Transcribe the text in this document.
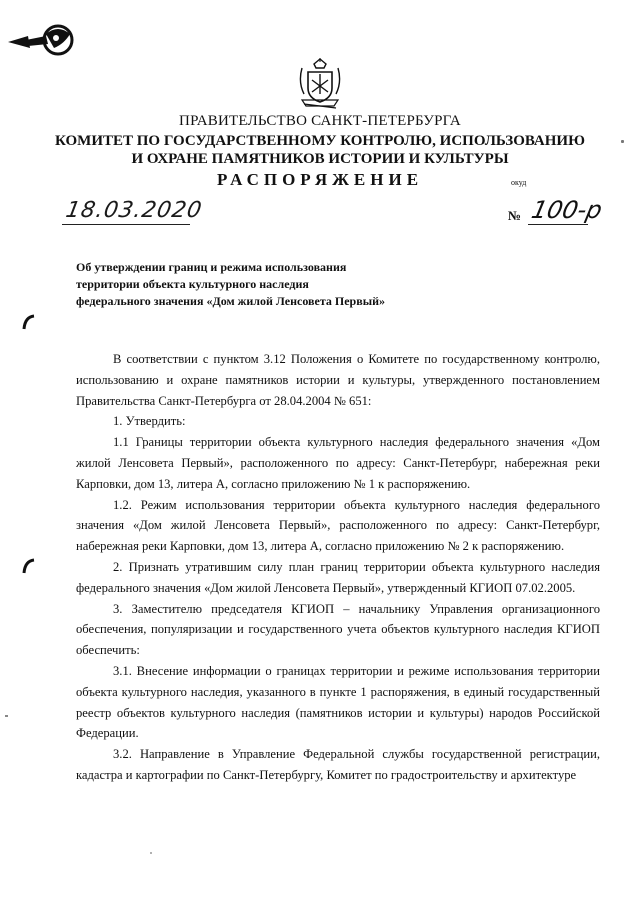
ПРАВИТЕЛЬСТВО САНКТ-ПЕТЕРБУРГА
КОМИТЕТ ПО ГОСУДАРСТВЕННОМУ КОНТРОЛЮ, ИСПОЛЬЗОВАНИЮ
И ОХРАНЕ ПАМЯТНИКОВ ИСТОРИИ И КУЛЬТУРЫ
РАСПОРЯЖЕНИЕ	окуд
18.03.2020	№ 100-р
Об утверждении границ и режима использования
территории объекта культурного наследия
федерального значения «Дом жилой Ленсовета Первый»

В соответствии с пунктом 3.12 Положения о Комитете по государственному контролю, использованию и охране памятников истории и культуры, утвержденного постановлением Правительства Санкт-Петербурга от 28.04.2004 № 651:

1. Утвердить:

1.1 Границы территории объекта культурного наследия федерального значения «Дом жилой Ленсовета Первый», расположенного по адресу: Санкт-Петербург, набережная реки Карповки, дом 13, литера А, согласно приложению № 1 к распоряжению.

1.2. Режим использования территории объекта культурного наследия федерального значения «Дом жилой Ленсовета Первый», расположенного по адресу: Санкт-Петербург, набережная реки Карповки, дом 13, литера А, согласно приложению № 2 к распоряжению.

2. Признать утратившим силу план границ территории объекта культурного наследия федерального значения «Дом жилой Ленсовета Первый», утвержденный КГИОП 07.02.2005.

3. Заместителю председателя КГИОП – начальнику Управления организационного обеспечения, популяризации и государственного учета объектов культурного наследия КГИОП обеспечить:

3.1. Внесение информации о границах территории и режиме использования территории объекта культурного наследия, указанного в пункте 1 распоряжения, в единый государственный реестр объектов культурного наследия (памятников истории и культуры) народов Российской Федерации.

3.2. Направление в Управление Федеральной службы государственной регистрации, кадастра и картографии по Санкт-Петербургу, Комитет по градостроительству и архитектуре
